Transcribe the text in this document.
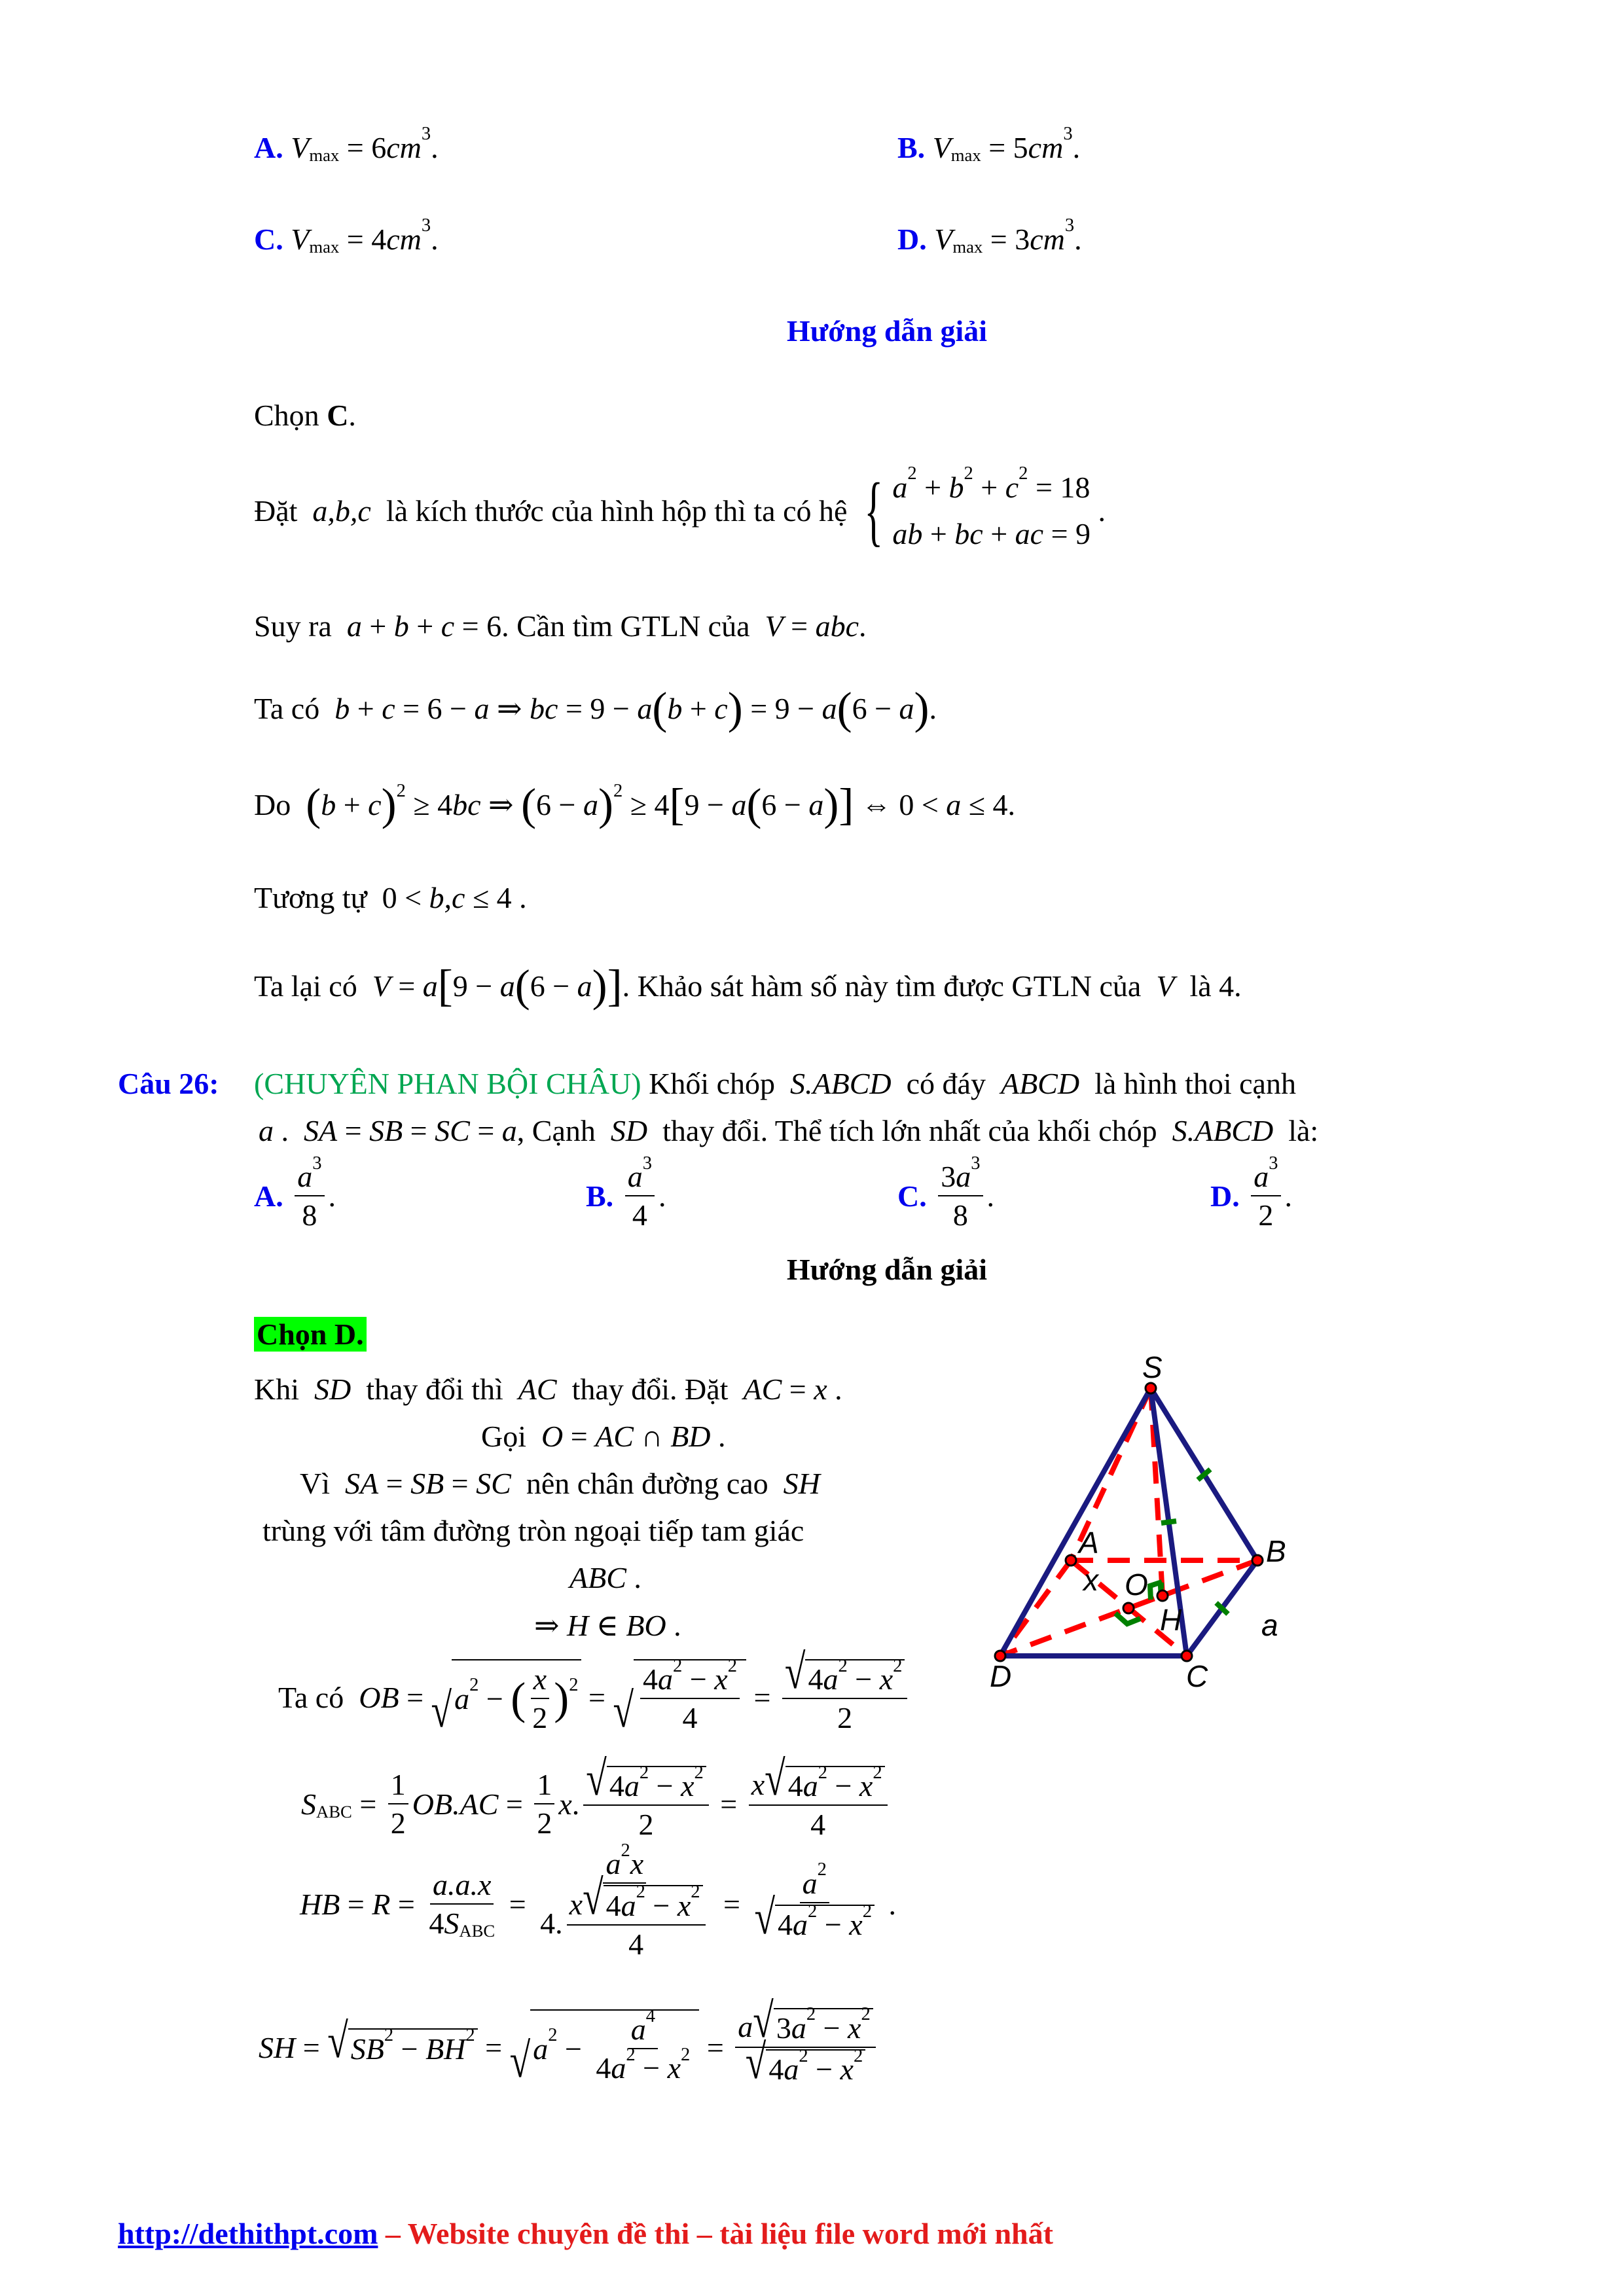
A.
V max = 6 cm 3 .	B.
V max = 5 cm 3 .
C.
V max = 4 cm 3 .	D.
V max = 3 cm 3 .
Hướng dẫn giải
Chọn C .
Đặt a,b,c là kích thước của hình hộp thì ta có hệ { a 2 + b 2 + c 2 = 18
ab + bc + ac = 9
.
Suy ra a + b + c = 6. Cần tìm GTLN của V = abc .
Ta có b + c = 6 − a ⇒ bc = 9 − a ( b + c ) = 9 − a ( 6 − a ) .
Do ( b + c ) 2 ≥ 4 bc ⇒ ( 6 − a ) 2 ≥ 4 [ 9 − a ( 6 − a ) ] ⇔ 0 < a ≤ 4.
Tương tự  0 < b,c ≤ 4 .
Ta lại có V = a [ 9 − a ( 6 − a ) ] . Khảo sát hàm số này tìm được GTLN của V là 4.
Câu 26: (CHUYÊN PHAN BỘI CHÂU) Khối chóp S.ABCD có đáy ABCD là hình thoi cạnh
a . SA = SB = SC = a , Cạnh SD thay đổi. Thể tích lớn nhất của khối chóp S.ABCD là:
A.
$\frac{a 3}{8}$ .	B.
$\frac{a 3}{4}$ .	C.
$\frac{3 a 3}{8}$ .	D.
$\frac{a 3}{2}$ .
Hướng dẫn giải
Chọn D.
Khi SD thay đổi thì AC thay đổi. Đặt AC = x .
Gọi O = AC ∩ BD .
Vì SA = SB = SC nên chân đường cao SH
trùng với tâm đường tròn ngoại tiếp tam giác
ABC .
⇒ H ∈ BO .
Ta có OB = √ a 2 − ( $\frac{x}{2}$ ) 2 = √ $\frac{4 a 2 - x 2}{4} = \frac{√ 4 a 2 - x 2}{2}$
S ABC = $\frac{1}{2} OB.AC = \frac{1}{2}$ x . $\frac{√ 4 a 2 - x 2}{2} = \frac{x √ 4 a 2 - x 2}{4}$
HB = $R = \frac{a.a.x}{\text{4 S ABC}} = \frac{a 2 x}{4. \frac{x √ 4 a 2 - x 2}{4}} = \frac{a 2}{√ 4 a 2 - x 2}$ .
SH = √ SB 2 − BH 2 = √ a $2 - \frac{a 4}{4 a 2 - x 2} = \frac{a √ 3 a 2 - x 2}{√ 4 a 2 - x 2}$
S
A	B
C
D
O
H
x
a
http://dethithpt.com – Website chuyên đề thi – tài liệu file word mới nhất
